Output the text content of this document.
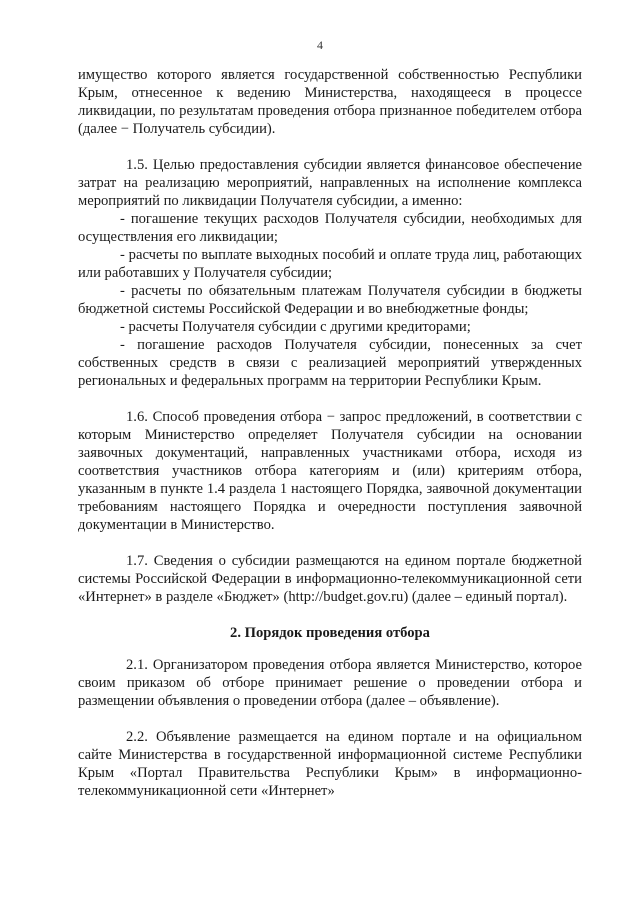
4

имущество которого является государственной собственностью Республики Крым, отнесенное к ведению Министерства, находящееся в процессе ликвидации, по результатам проведения отбора признанное победителем отбора (далее − Получатель субсидии).

1.5. Целью предоставления субсидии является финансовое обеспечение затрат на реализацию мероприятий, направленных на исполнение комплекса мероприятий по ликвидации Получателя субсидии, а именно:

- погашение текущих расходов Получателя субсидии, необходимых для осуществления его ликвидации;

- расчеты по выплате выходных пособий и оплате труда лиц, работающих или работавших у Получателя субсидии;

- расчеты по обязательным платежам Получателя субсидии в бюджеты бюджетной системы Российской Федерации и во внебюджетные фонды;

- расчеты Получателя субсидии с другими кредиторами;

- погашение расходов Получателя субсидии, понесенных за счет собственных средств в связи с реализацией мероприятий утвержденных региональных и федеральных программ на территории Республики Крым.

1.6. Способ проведения отбора − запрос предложений, в соответствии с которым Министерство определяет Получателя субсидии на основании заявочных документаций, направленных участниками отбора, исходя из соответствия участников отбора категориям и (или) критериям отбора, указанным в пункте 1.4 раздела 1 настоящего Порядка, заявочной документации требованиям настоящего Порядка и очередности поступления заявочной документации в Министерство.

1.7. Сведения о субсидии размещаются на едином портале бюджетной системы Российской Федерации в информационно-телекоммуникационной сети «Интернет» в разделе «Бюджет» (http://budget.gov.ru) (далее – единый портал).

2. Порядок проведения отбора

2.1. Организатором проведения отбора является Министерство, которое своим приказом об отборе принимает решение о проведении отбора и размещении объявления о проведении отбора (далее – объявление).

2.2. Объявление размещается на едином портале и на официальном сайте Министерства в государственной информационной системе Республики Крым «Портал Правительства Республики Крым» в информационно-телекоммуникационной сети «Интернет»
